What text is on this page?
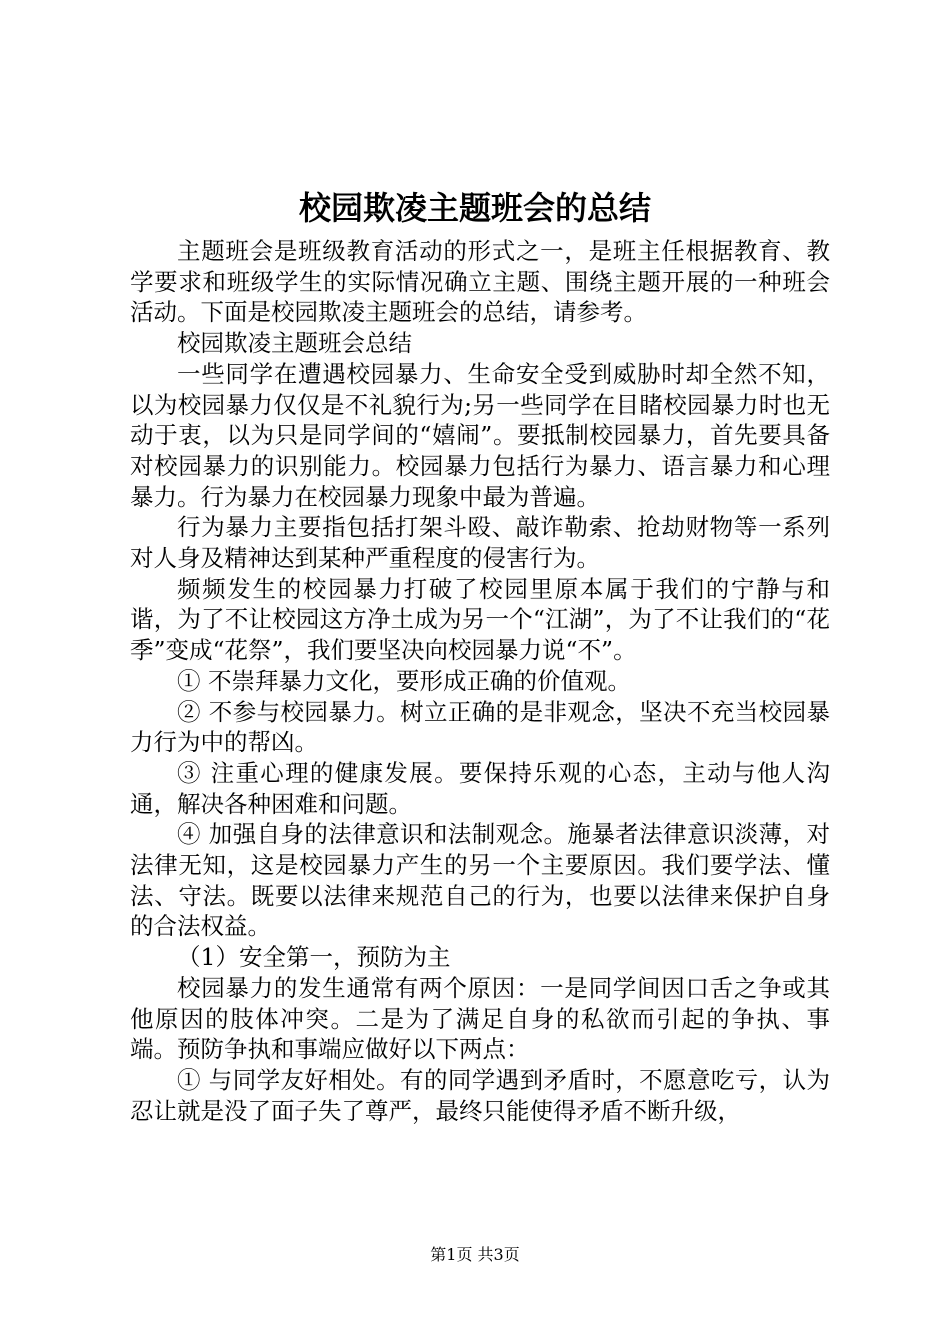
校园欺凌主题班会的总结

主题班会是班级教育活动的形式之一，是班主任根据教育、教学要求和班级学生的实际情况确立主题、围绕主题开展的一种班会活动。下面是校园欺凌主题班会的总结，请参考。

校园欺凌主题班会总结

一些同学在遭遇校园暴力、生命安全受到威胁时却全然不知，以为校园暴力仅仅是不礼貌行为;另一些同学在目睹校园暴力时也无动于衷，以为只是同学间的“嬉闹”。要抵制校园暴力，首先要具备对校园暴力的识别能力。校园暴力包括行为暴力、语言暴力和心理暴力。行为暴力在校园暴力现象中最为普遍。

行为暴力主要指包括打架斗殴、敲诈勒索、抢劫财物等一系列对人身及精神达到某种严重程度的侵害行为。

频频发生的校园暴力打破了校园里原本属于我们的宁静与和谐，为了不让校园这方净土成为另一个“江湖”，为了不让我们的“花季”变成“花祭”，我们要坚决向校园暴力说“不”。

① 不崇拜暴力文化，要形成正确的价值观。

② 不参与校园暴力。树立正确的是非观念，坚决不充当校园暴力行为中的帮凶。

③ 注重心理的健康发展。要保持乐观的心态，主动与他人沟通，解决各种困难和问题。

④ 加强自身的法律意识和法制观念。施暴者法律意识淡薄，对法律无知，这是校园暴力产生的另一个主要原因。我们要学法、懂法、守法。既要以法律来规范自己的行为，也要以法律来保护自身的合法权益。

（1）安全第一，预防为主

校园暴力的发生通常有两个原因：一是同学间因口舌之争或其他原因的肢体冲突。二是为了满足自身的私欲而引起的争执、事端。预防争执和事端应做好以下两点：

① 与同学友好相处。有的同学遇到矛盾时，不愿意吃亏，认为忍让就是没了面子失了尊严，最终只能使得矛盾不断升级，

第1页 共3页
